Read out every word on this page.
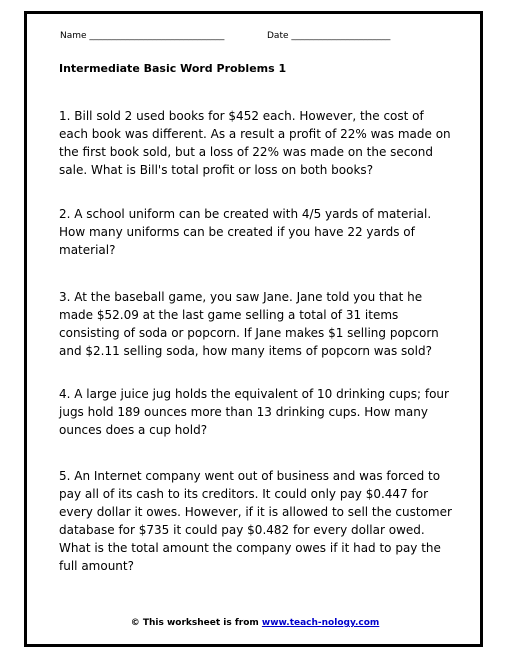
Name ______________________________	Date ______________________
Intermediate Basic Word Problems 1
1. Bill sold 2 used books for $452 each. However, the cost of
each book was different. As a result a profit of 22% was made on
the first book sold, but a loss of 22% was made on the second
sale. What is Bill's total profit or loss on both books?
2. A school uniform can be created with 4/5 yards of material.
How many uniforms can be created if you have 22 yards of
material?
3. At the baseball game, you saw Jane. Jane told you that he
made $52.09 at the last game selling a total of 31 items
consisting of soda or popcorn. If Jane makes $1 selling popcorn
and $2.11 selling soda, how many items of popcorn was sold?
4. A large juice jug holds the equivalent of 10 drinking cups; four
jugs hold 189 ounces more than 13 drinking cups. How many
ounces does a cup hold?
5. An Internet company went out of business and was forced to
pay all of its cash to its creditors. It could only pay $0.447 for
every dollar it owes. However, if it is allowed to sell the customer
database for $735 it could pay $0.482 for every dollar owed.
What is the total amount the company owes if it had to pay the
full amount?
© This worksheet is from www.teach-nology.com
